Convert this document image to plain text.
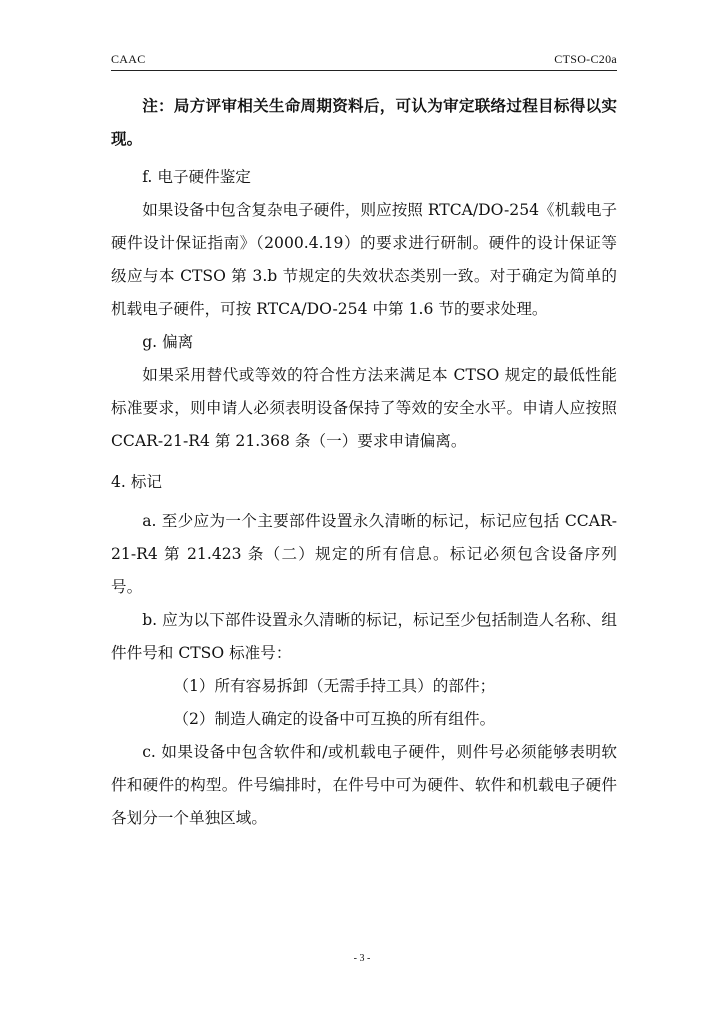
CAAC	CTSO-C20a

注：局方评审相关生命周期资料后，可认为审定联络过程目标得以实现。

f. 电子硬件鉴定

如果设备中包含复杂电子硬件，则应按照 RTCA/DO-254《机载电子硬件设计保证指南》（2000.4.19）的要求进行研制。硬件的设计保证等级应与本 CTSO 第 3.b 节规定的失效状态类别一致。对于确定为简单的机载电子硬件，可按 RTCA/DO-254 中第 1.6 节的要求处理。

g. 偏离

如果采用替代或等效的符合性方法来满足本 CTSO 规定的最低性能标准要求，则申请人必须表明设备保持了等效的安全水平。申请人应按照 CCAR-21-R4 第 21.368 条（一）要求申请偏离。

4. 标记

a. 至少应为一个主要部件设置永久清晰的标记，标记应包括 CCAR-21-R4 第 21.423 条（二）规定的所有信息。标记必须包含设备序列号。

b. 应为以下部件设置永久清晰的标记，标记至少包括制造人名称、组件件号和 CTSO 标准号：

（1）所有容易拆卸（无需手持工具）的部件；

（2）制造人确定的设备中可互换的所有组件。

c. 如果设备中包含软件和/或机载电子硬件，则件号必须能够表明软件和硬件的构型。件号编排时，在件号中可为硬件、软件和机载电子硬件各划分一个单独区域。

- 3 -
